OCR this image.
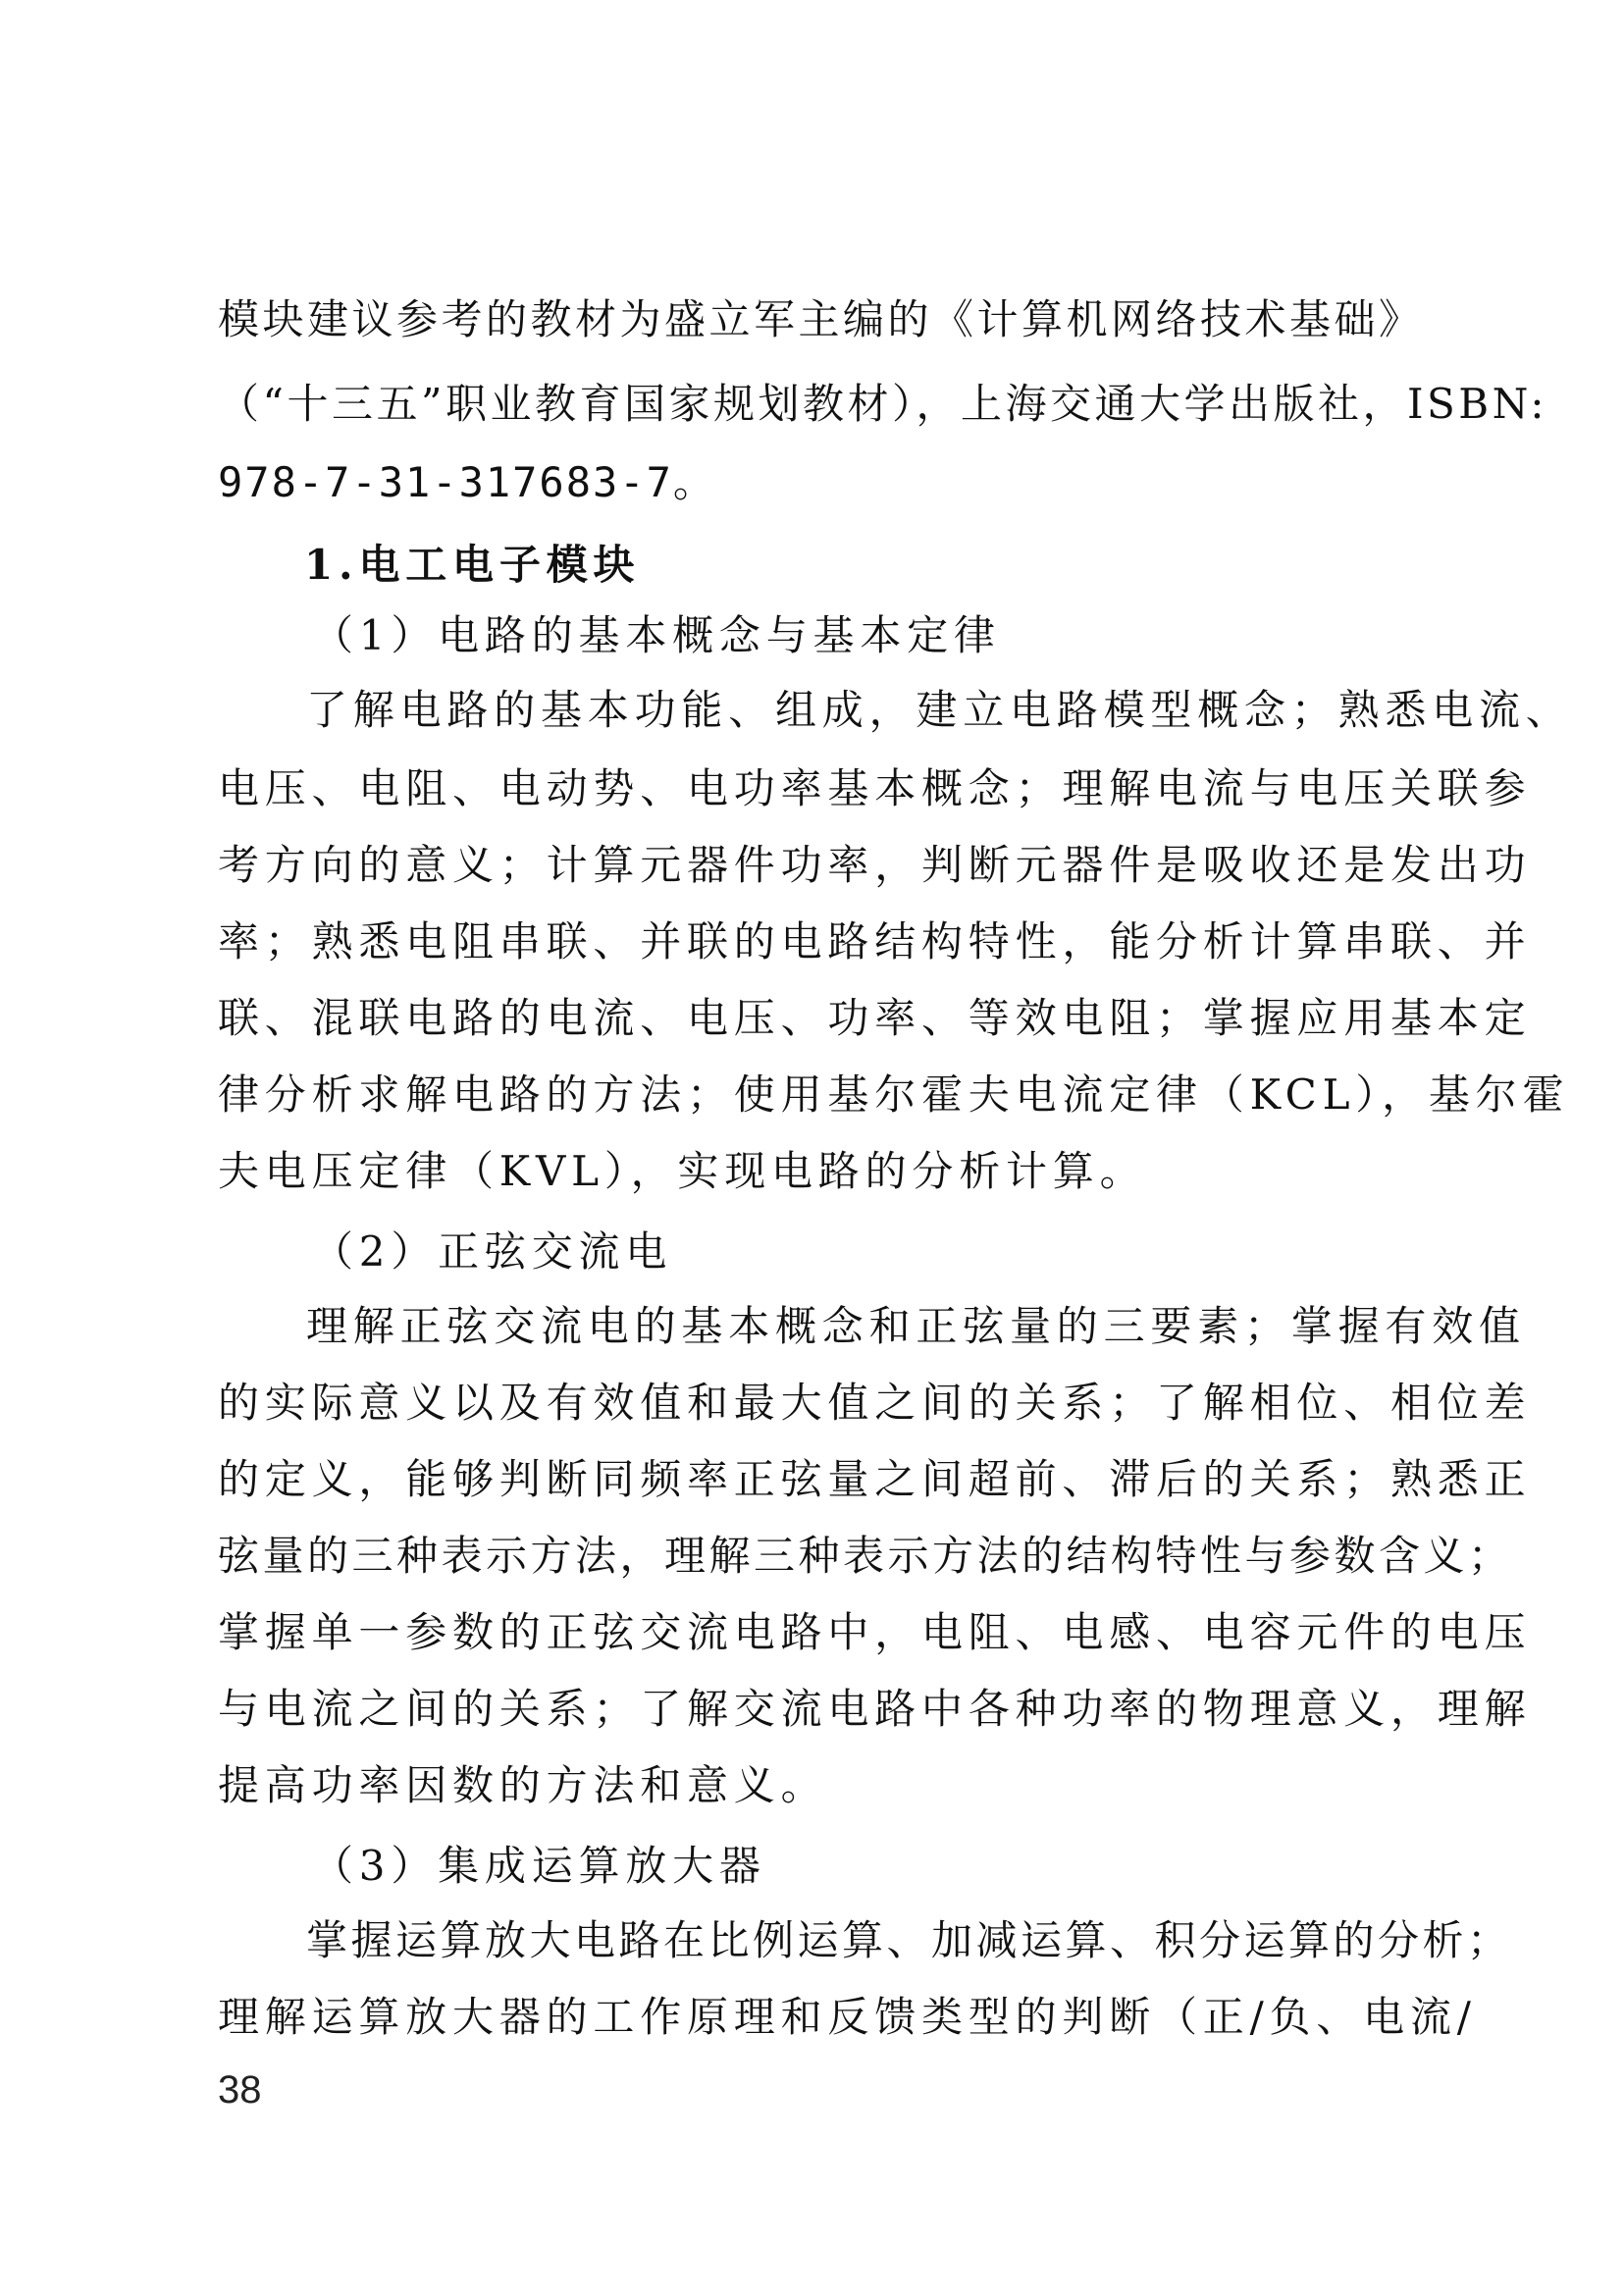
模块建议参考的教材为盛立军主编的《计算机网络技术基础》
（“十三五”职业教育国家规划教材），上海交通大学出版社，ISBN:
978-7-31-317683-7。
1.电工电子模块
（1）电路的基本概念与基本定律
了解电路的基本功能、组成，建立电路模型概念；熟悉电流、
电压、电阻、电动势、电功率基本概念；理解电流与电压关联参
考方向的意义；计算元器件功率，判断元器件是吸收还是发出功
率；熟悉电阻串联、并联的电路结构特性，能分析计算串联、并
联、混联电路的电流、电压、功率、等效电阻；掌握应用基本定
律分析求解电路的方法；使用基尔霍夫电流定律（KCL），基尔霍
夫电压定律（KVL），实现电路的分析计算。
（2）正弦交流电
理解正弦交流电的基本概念和正弦量的三要素；掌握有效值
的实际意义以及有效值和最大值之间的关系；了解相位、相位差
的定义，能够判断同频率正弦量之间超前、滞后的关系；熟悉正
弦量的三种表示方法，理解三种表示方法的结构特性与参数含义；
掌握单一参数的正弦交流电路中，电阻、电感、电容元件的电压
与电流之间的关系；了解交流电路中各种功率的物理意义，理解
提高功率因数的方法和意义。
（3）集成运算放大器
掌握运算放大电路在比例运算、加减运算、积分运算的分析；
理解运算放大器的工作原理和反馈类型的判断（正/负、电流/
38
